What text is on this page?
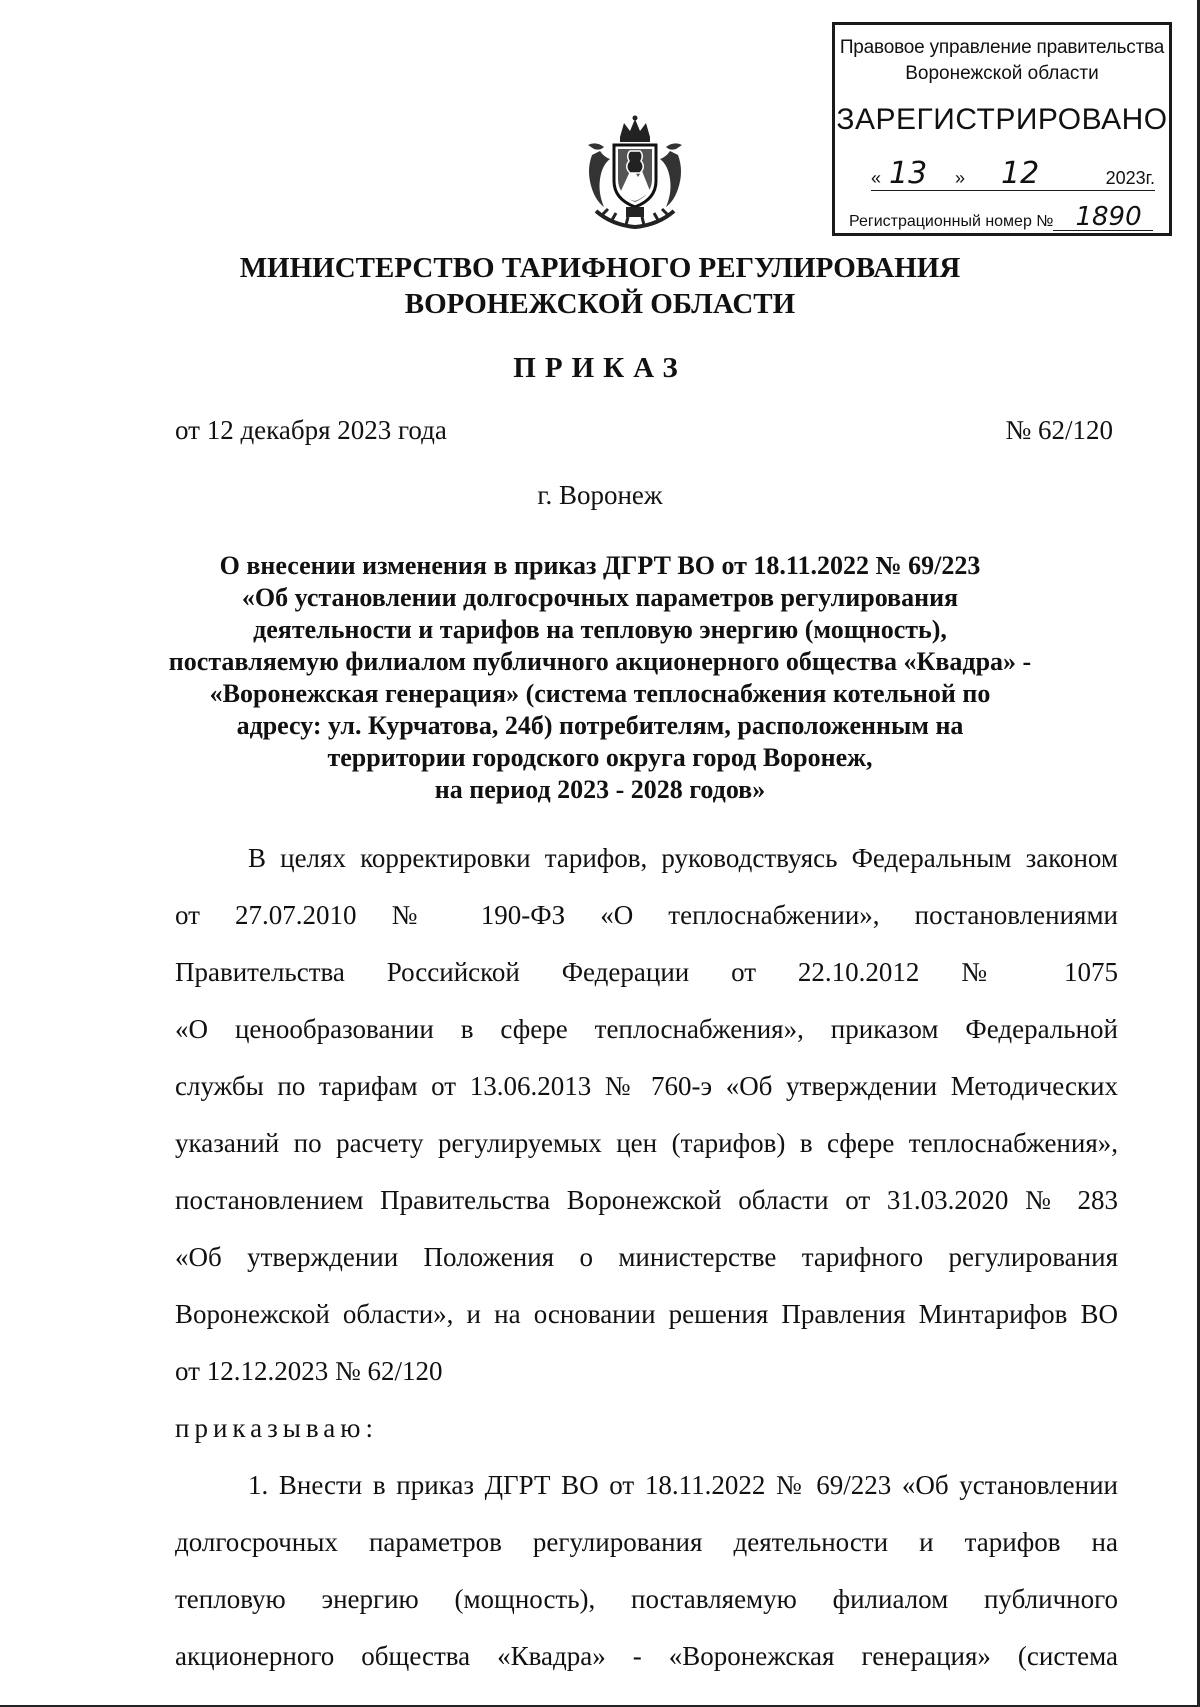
Правовое управление правительства
Воронежской области
ЗАРЕГИСТРИРОВАНО
« 13 » 12	2023г.
Регистрационный номер № 1890
МИНИСТЕРСТВО ТАРИФНОГО РЕГУЛИРОВАНИЯ
ВОРОНЕЖСКОЙ ОБЛАСТИ
ПРИКАЗ
от 12 декабря 2023 года	№ 62/120
г. Воронеж
О внесении изменения в приказ ДГРТ ВО от 18.11.2022 № 69/223
«Об установлении долгосрочных параметров регулирования
деятельности и тарифов на тепловую энергию (мощность),
поставляемую филиалом публичного акционерного общества «Квадра» -
«Воронежская генерация» (система теплоснабжения котельной по
адресу: ул. Курчатова, 24б) потребителям, расположенным на
территории городского округа город Воронеж,
на период 2023 - 2028 годов»
В целях корректировки тарифов, руководствуясь Федеральным законом
от 27.07.2010 № 190-ФЗ «О теплоснабжении», постановлениями
Правительства Российской Федерации от 22.10.2012 № 1075
«О ценообразовании в сфере теплоснабжения», приказом Федеральной
службы по тарифам от 13.06.2013 № 760-э «Об утверждении Методических
указаний по расчету регулируемых цен (тарифов) в сфере теплоснабжения»,
постановлением Правительства Воронежской области от 31.03.2020 № 283
«Об утверждении Положения о министерстве тарифного регулирования
Воронежской области», и на основании решения Правления Минтарифов ВО
от 12.12.2023 № 62/120
приказываю:
1. Внести в приказ ДГРТ ВО от 18.11.2022 № 69/223 «Об установлении
долгосрочных параметров регулирования деятельности и тарифов на
тепловую энергию (мощность), поставляемую филиалом публичного
акционерного общества «Квадра» - «Воронежская генерация» (система
